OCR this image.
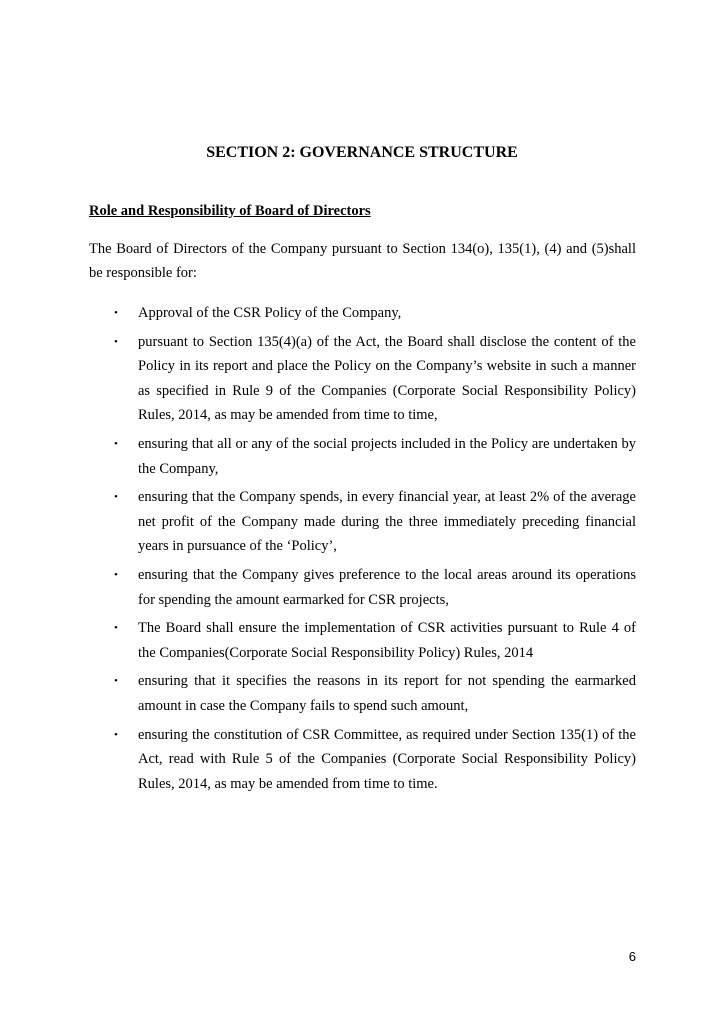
SECTION 2: GOVERNANCE STRUCTURE
Role and Responsibility of Board of Directors

The Board of Directors of the Company pursuant to Section 134(o), 135(1), (4) and (5)shall be responsible for:

• Approval of the CSR Policy of the Company,
• pursuant to Section 135(4)(a) of the Act, the Board shall disclose the content of the Policy in its report and place the Policy on the Company’s website in such a manner as specified in Rule 9 of the Companies (Corporate Social Responsibility Policy) Rules, 2014, as may be amended from time to time,
• ensuring that all or any of the social projects included in the Policy are undertaken by the Company,
• ensuring that the Company spends, in every financial year, at least 2% of the average net profit of the Company made during the three immediately preceding financial years in pursuance of the ‘Policy’,
• ensuring that the Company gives preference to the local areas around its operations for spending the amount earmarked for CSR projects,
• The Board shall ensure the implementation of CSR activities pursuant to Rule 4 of the Companies(Corporate Social Responsibility Policy) Rules, 2014
• ensuring that it specifies the reasons in its report for not spending the earmarked amount in case the Company fails to spend such amount,
• ensuring the constitution of CSR Committee, as required under Section 135(1) of the Act, read with Rule 5 of the Companies (Corporate Social Responsibility Policy) Rules, 2014, as may be amended from time to time.
6
